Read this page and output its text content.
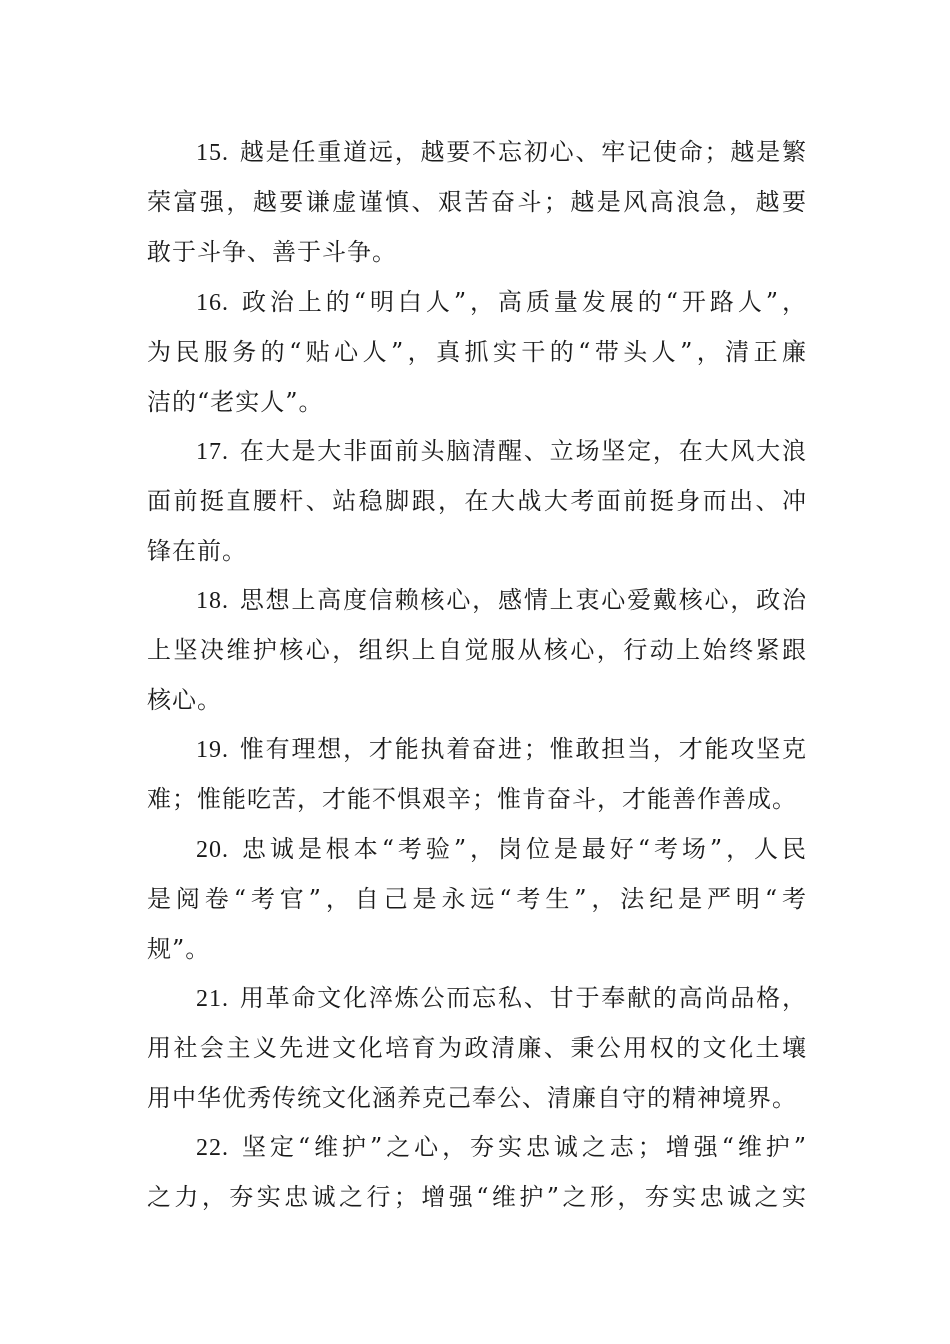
15. 越是任重道远，越要不忘初心、牢记使命；越是繁
荣富强，越要谦虚谨慎、艰苦奋斗；越是风高浪急，越要
敢于斗争、善于斗争。
16. 政治上的“明白人”，高质量发展的“开路人”，
为民服务的“贴心人”，真抓实干的“带头人”，清正廉
洁的“老实人”。
17. 在大是大非面前头脑清醒、立场坚定，在大风大浪
面前挺直腰杆、站稳脚跟，在大战大考面前挺身而出、冲
锋在前。
18. 思想上高度信赖核心，感情上衷心爱戴核心，政治
上坚决维护核心，组织上自觉服从核心，行动上始终紧跟
核心。
19. 惟有理想，才能执着奋进；惟敢担当，才能攻坚克
难；惟能吃苦，才能不惧艰辛；惟肯奋斗，才能善作善成。
20. 忠诚是根本“考验”，岗位是最好“考场”，人民
是阅卷“考官”，自己是永远“考生”，法纪是严明“考
规”。
21. 用革命文化淬炼公而忘私、甘于奉献的高尚品格，
用社会主义先进文化培育为政清廉、秉公用权的文化土壤
用中华优秀传统文化涵养克己奉公、清廉自守的精神境界。
22. 坚定“维护”之心，夯实忠诚之志；增强“维护”
之力，夯实忠诚之行；增强“维护”之形，夯实忠诚之实
